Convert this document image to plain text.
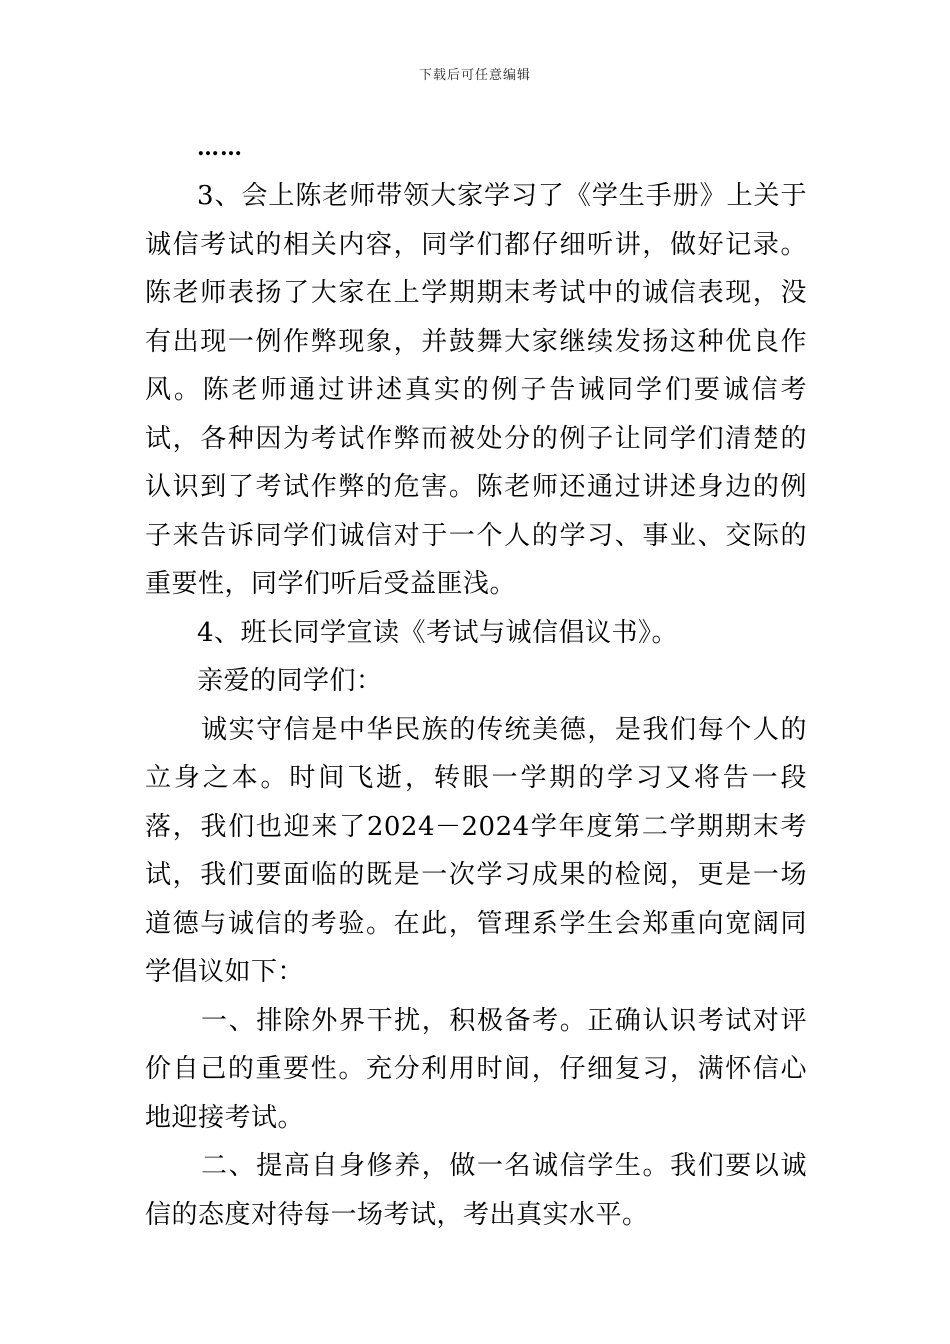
下载后可任意编辑

……

3、会上陈老师带领大家学习了《学生手册》上关于诚信考试的相关内容，同学们都仔细听讲，做好记录。陈老师表扬了大家在上学期期末考试中的诚信表现，没有出现一例作弊现象，并鼓舞大家继续发扬这种优良作风。陈老师通过讲述真实的例子告诫同学们要诚信考试，各种因为考试作弊而被处分的例子让同学们清楚的认识到了考试作弊的危害。陈老师还通过讲述身边的例子来告诉同学们诚信对于一个人的学习、事业、交际的重要性，同学们听后受益匪浅。

4、班长同学宣读《考试与诚信倡议书》。

亲爱的同学们：

诚实守信是中华民族的传统美德，是我们每个人的立身之本。时间飞逝，转眼一学期的学习又将告一段落，我们也迎来了2024－2024学年度第二学期期末考试，我们要面临的既是一次学习成果的检阅，更是一场道德与诚信的考验。在此，管理系学生会郑重向宽阔同学倡议如下：

一、排除外界干扰，积极备考。正确认识考试对评价自己的重要性。充分利用时间，仔细复习，满怀信心地迎接考试。

二、提高自身修养，做一名诚信学生。我们要以诚信的态度对待每一场考试，考出真实水平。
